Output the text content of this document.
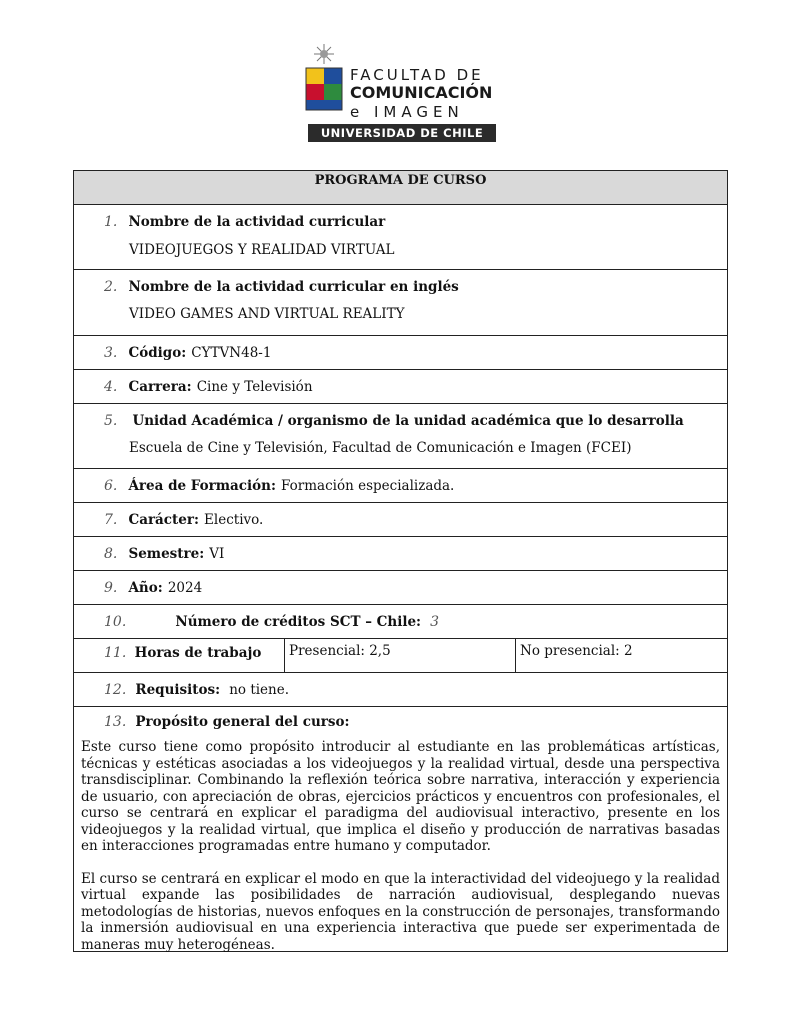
FACULTAD DE
COMUNICACIÓN
e IMAGEN
UNIVERSIDAD DE CHILE
PROGRAMA DE CURSO
1. Nombre de la actividad curricular
VIDEOJUEGOS Y REALIDAD VIRTUAL
2. Nombre de la actividad curricular en inglés
VIDEO GAMES AND VIRTUAL REALITY
3. Código: CYTVN48-1
4. Carrera: Cine y Televisión
5. Unidad Académica / organismo de la unidad académica que lo desarrolla
Escuela de Cine y Televisión, Facultad de Comunicación e Imagen (FCEI)
6. Área de Formación: Formación especializada.
7. Carácter: Electivo.
8. Semestre: VI
9. Año: 2024
10.	Número de créditos SCT – Chile: 3
11. Horas de trabajo Presencial: 2,5	No presencial: 2
12. Requisitos: no tiene.
13. Propósito general del curso:

Este curso tiene como propósito introducir al estudiante en las problemáticas artísticas, técnicas y estéticas asociadas a los videojuegos y la realidad virtual, desde una perspectiva transdisciplinar. Combinando la reflexión teórica sobre narrativa, interacción y experiencia de usuario, con apreciación de obras, ejercicios prácticos y encuentros con profesionales, el curso se centrará en explicar el paradigma del audiovisual interactivo, presente en los videojuegos y la realidad virtual, que implica el diseño y producción de narrativas basadas en interacciones programadas entre humano y computador.

El curso se centrará en explicar el modo en que la interactividad del videojuego y la realidad virtual expande las posibilidades de narración audiovisual, desplegando nuevas metodologías de historias, nuevos enfoques en la construcción de personajes, transformando la inmersión audiovisual en una experiencia interactiva que puede ser experimentada de maneras muy heterogéneas.
